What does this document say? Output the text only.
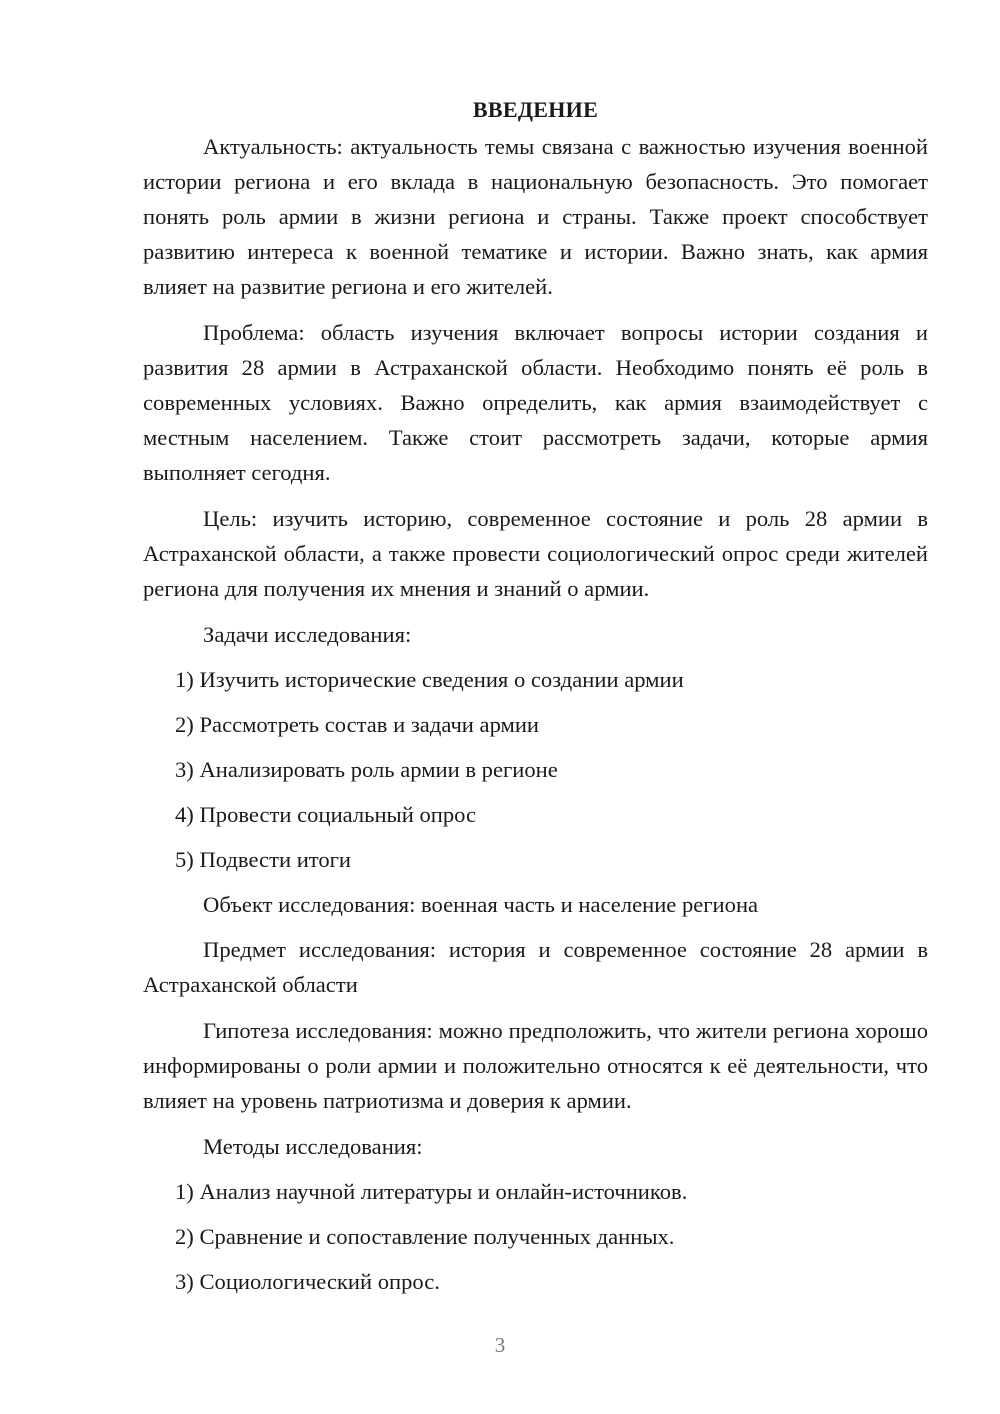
ВВЕДЕНИЕ

Актуальность: актуальность темы связана с важностью изучения военной истории региона и его вклада в национальную безопасность. Это помогает понять роль армии в жизни региона и страны. Также проект способствует развитию интереса к военной тематике и истории. Важно знать, как армия влияет на развитие региона и его жителей.

Проблема: область изучения включает вопросы истории создания и развития 28 армии в Астраханской области. Необходимо понять её роль в современных условиях. Важно определить, как армия взаимодействует с местным населением. Также стоит рассмотреть задачи, которые армия выполняет сегодня.

Цель: изучить историю, современное состояние и роль 28 армии в Астраханской области, а также провести социологический опрос среди жителей региона для получения их мнения и знаний о армии.

Задачи исследования:

1) Изучить исторические сведения о создании армии
2) Рассмотреть состав и задачи армии
3) Анализировать роль армии в регионе
4) Провести социальный опрос
5) Подвести итоги

Объект исследования: военная часть и население региона

Предмет исследования: история и современное состояние 28 армии в Астраханской области

Гипотеза исследования: можно предположить, что жители региона хорошо информированы о роли армии и положительно относятся к её деятельности, что влияет на уровень патриотизма и доверия к армии.

Методы исследования:

1) Анализ научной литературы и онлайн-источников.
2) Сравнение и сопоставление полученных данных.
3) Социологический опрос.
3
